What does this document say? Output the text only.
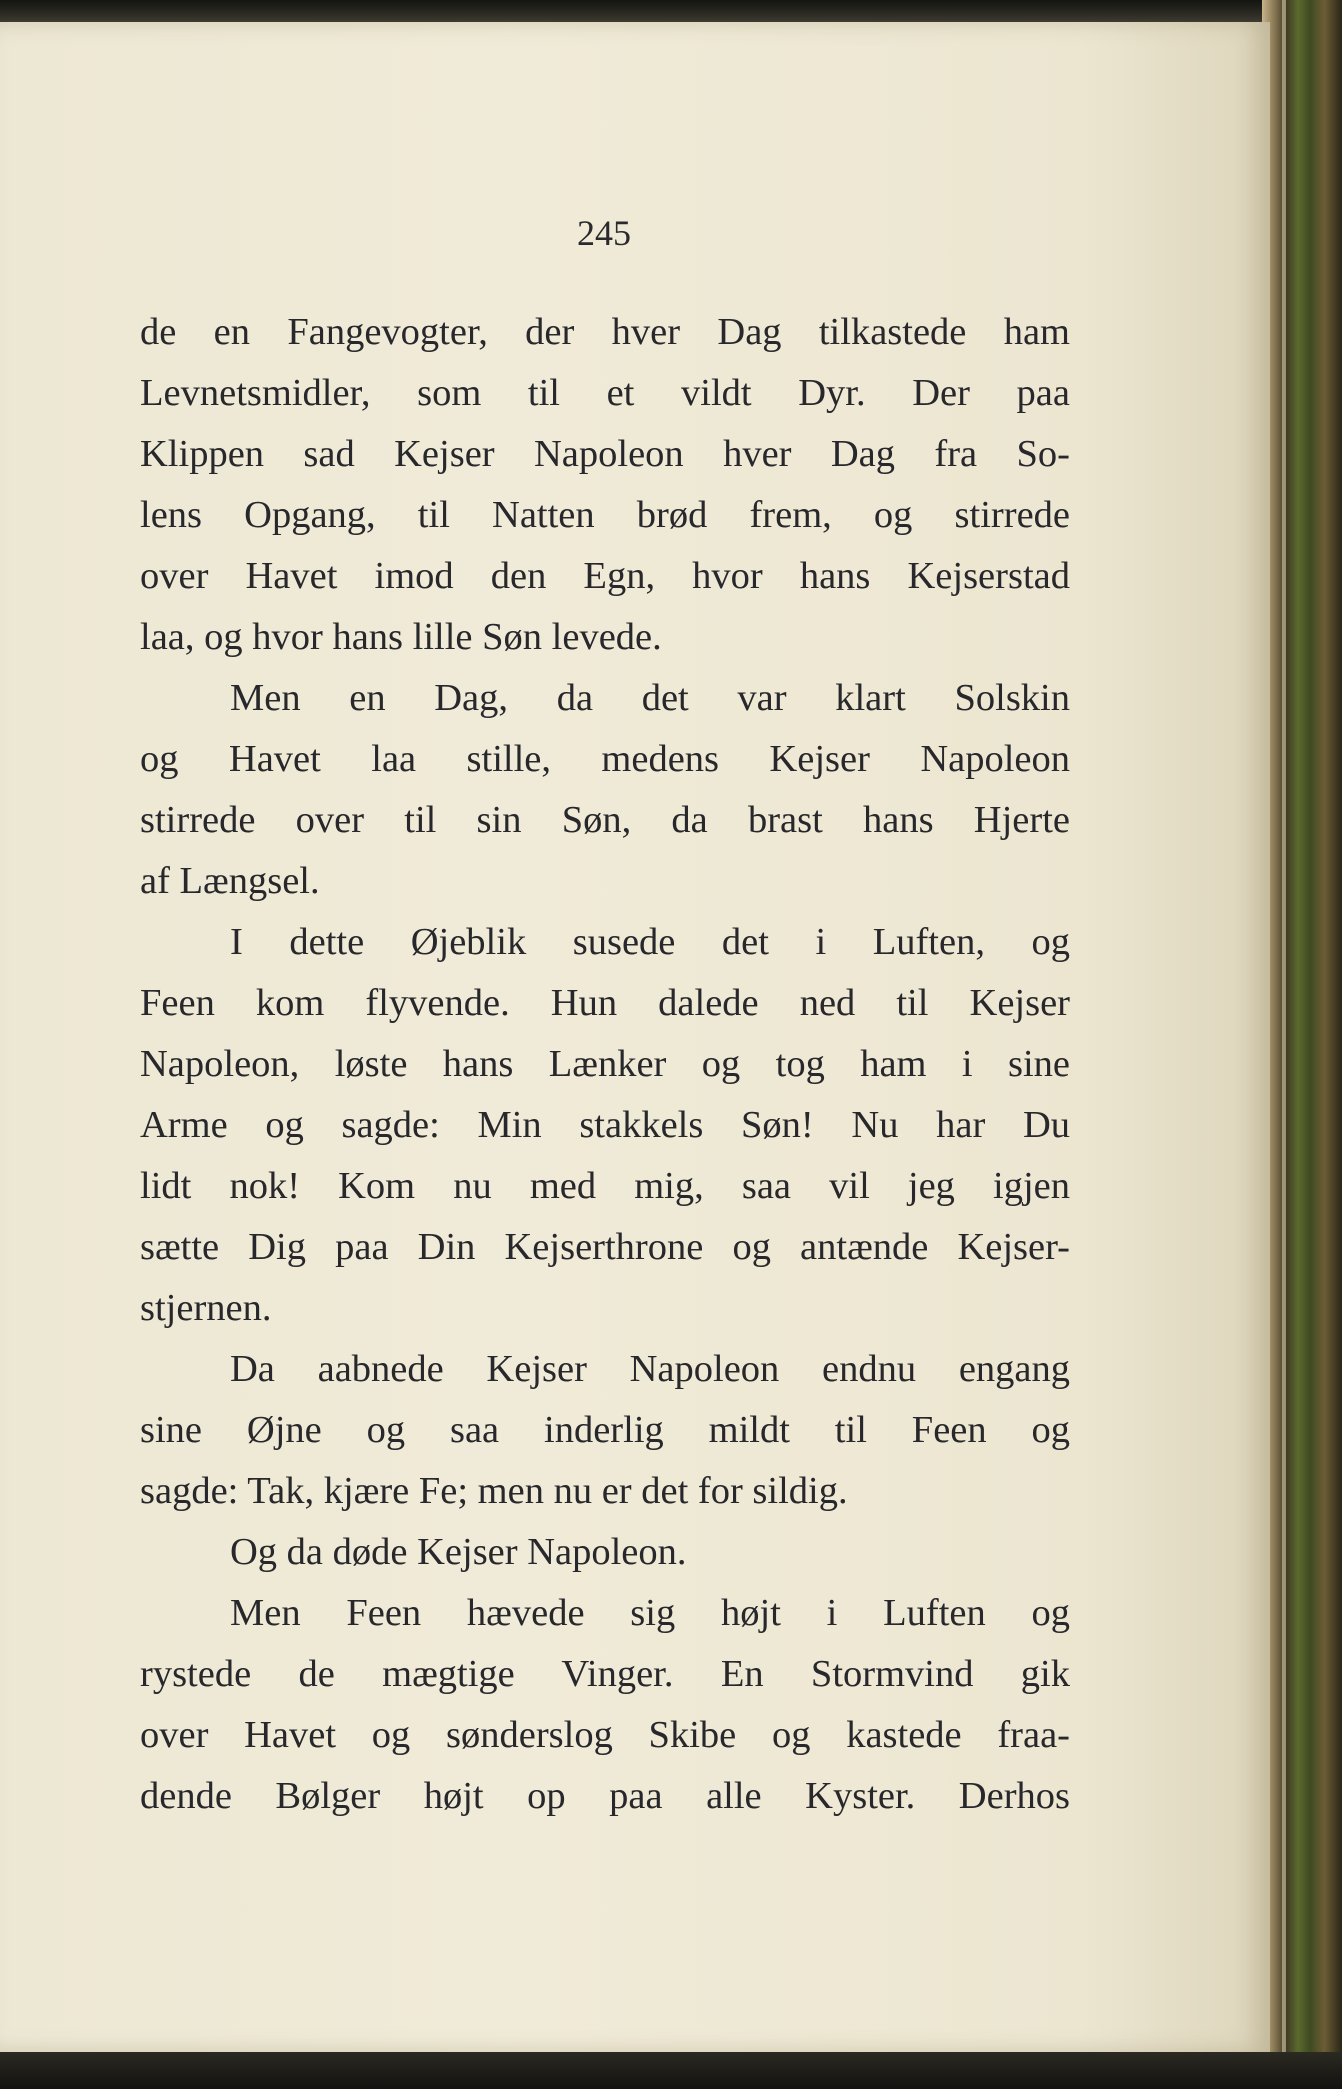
245
de en Fangevogter, der hver Dag tilkastede ham
Levnetsmidler, som til et vildt Dyr. Der paa
Klippen sad Kejser Napoleon hver Dag fra So-
lens Opgang, til Natten brød frem, og stirrede
over Havet imod den Egn, hvor hans Kejserstad
laa, og hvor hans lille Søn levede.
Men en Dag, da det var klart Solskin
og Havet laa stille, medens Kejser Napoleon
stirrede over til sin Søn, da brast hans Hjerte
af Længsel.
I dette Øjeblik susede det i Luften, og
Feen kom flyvende. Hun dalede ned til Kejser
Napoleon, løste hans Lænker og tog ham i sine
Arme og sagde: Min stakkels Søn! Nu har Du
lidt nok! Kom nu med mig, saa vil jeg igjen
sætte Dig paa Din Kejserthrone og antænde Kejser-
stjernen.
Da aabnede Kejser Napoleon endnu engang
sine Øjne og saa inderlig mildt til Feen og
sagde: Tak, kjære Fe; men nu er det for sildig.
Og da døde Kejser Napoleon.
Men Feen hævede sig højt i Luften og
rystede de mægtige Vinger. En Stormvind gik
over Havet og sønderslog Skibe og kastede fraa-
dende Bølger højt op paa alle Kyster. Derhos
